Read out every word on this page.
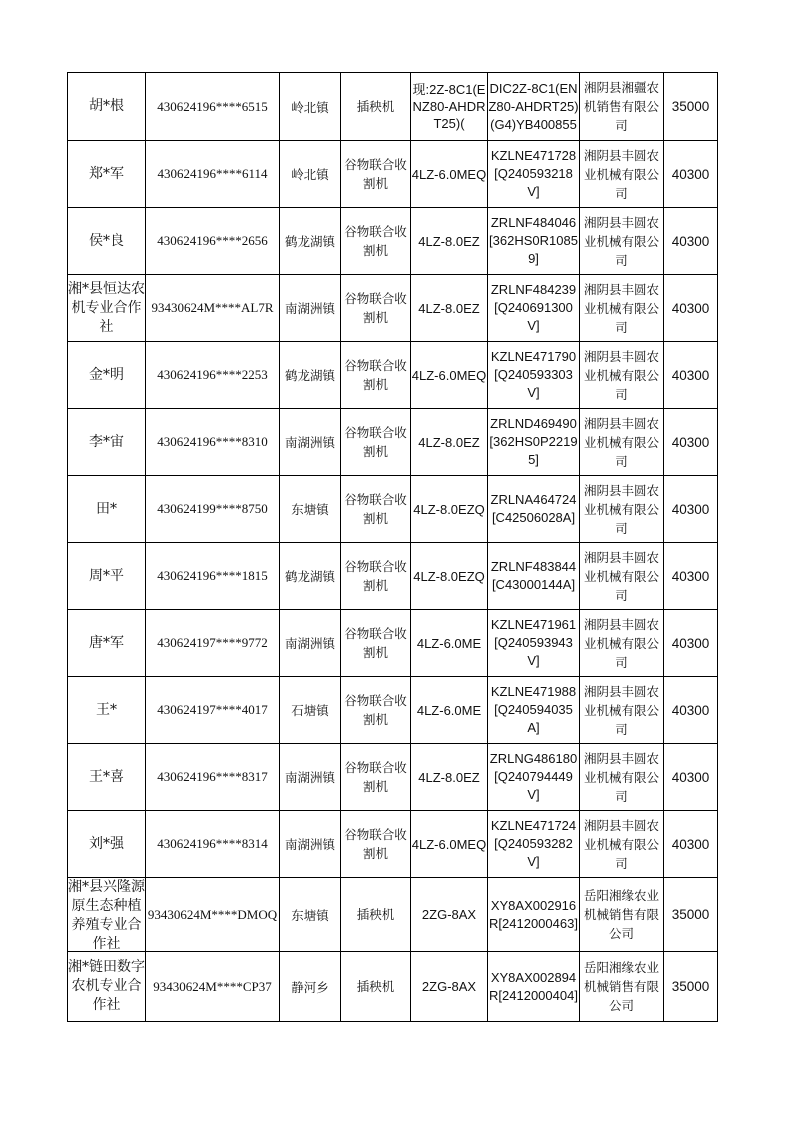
胡*根	430624196****6515	岭北镇	插秧机	现:2Z-8C1(ENZ80-AHDRT25)(	DIC2Z-8C1(ENZ80-AHDRT25)(G4)YB400855	湘阴县湘疆农机销售有限公司	35000

郑*军	430624196****6114	岭北镇	谷物联合收割机	4LZ-6.0MEQ	KZLNE471728[Q240593218V]	湘阴县丰圆农业机械有限公司	40300

侯*良	430624196****2656	鹤龙湖镇	谷物联合收割机	4LZ-8.0EZ	ZRLNF484046[362HS0R10859]	湘阴县丰圆农业机械有限公司	40300

湘*县恒达农机专业合作社	93430624M****AL7R	南湖洲镇	谷物联合收割机	4LZ-8.0EZ	ZRLNF484239[Q240691300V]	湘阴县丰圆农业机械有限公司	40300

金*明	430624196****2253	鹤龙湖镇	谷物联合收割机	4LZ-6.0MEQ	KZLNE471790[Q240593303V]	湘阴县丰圆农业机械有限公司	40300

李*宙	430624196****8310	南湖洲镇	谷物联合收割机	4LZ-8.0EZ	ZRLND469490[362HS0P22195]	湘阴县丰圆农业机械有限公司	40300

田*	430624199****8750	东塘镇	谷物联合收割机	4LZ-8.0EZQ	ZRLNA464724[C42506028A]	湘阴县丰圆农业机械有限公司	40300

周*平	430624196****1815	鹤龙湖镇	谷物联合收割机	4LZ-8.0EZQ	ZRLNF483844[C43000144A]	湘阴县丰圆农业机械有限公司	40300

唐*军	430624197****9772	南湖洲镇	谷物联合收割机	4LZ-6.0ME	KZLNE471961[Q240593943V]	湘阴县丰圆农业机械有限公司	40300

王*	430624197****4017	石塘镇	谷物联合收割机	4LZ-6.0ME	KZLNE471988[Q240594035A]	湘阴县丰圆农业机械有限公司	40300

王*喜	430624196****8317	南湖洲镇	谷物联合收割机	4LZ-8.0EZ	ZRLNG486180[Q240794449V]	湘阴县丰圆农业机械有限公司	40300

刘*强	430624196****8314	南湖洲镇	谷物联合收割机	4LZ-6.0MEQ	KZLNE471724[Q240593282V]	湘阴县丰圆农业机械有限公司	40300

湘*县兴隆源原生态种植养殖专业合作社	93430624M****DMOQ	东塘镇	插秧机	2ZG-8AX	XY8AX002916R[2412000463]	岳阳湘缘农业机械销售有限公司	35000

湘*链田数字农机专业合作社	93430624M****CP37	静河乡	插秧机	2ZG-8AX	XY8AX002894R[2412000404]	岳阳湘缘农业机械销售有限公司	35000
